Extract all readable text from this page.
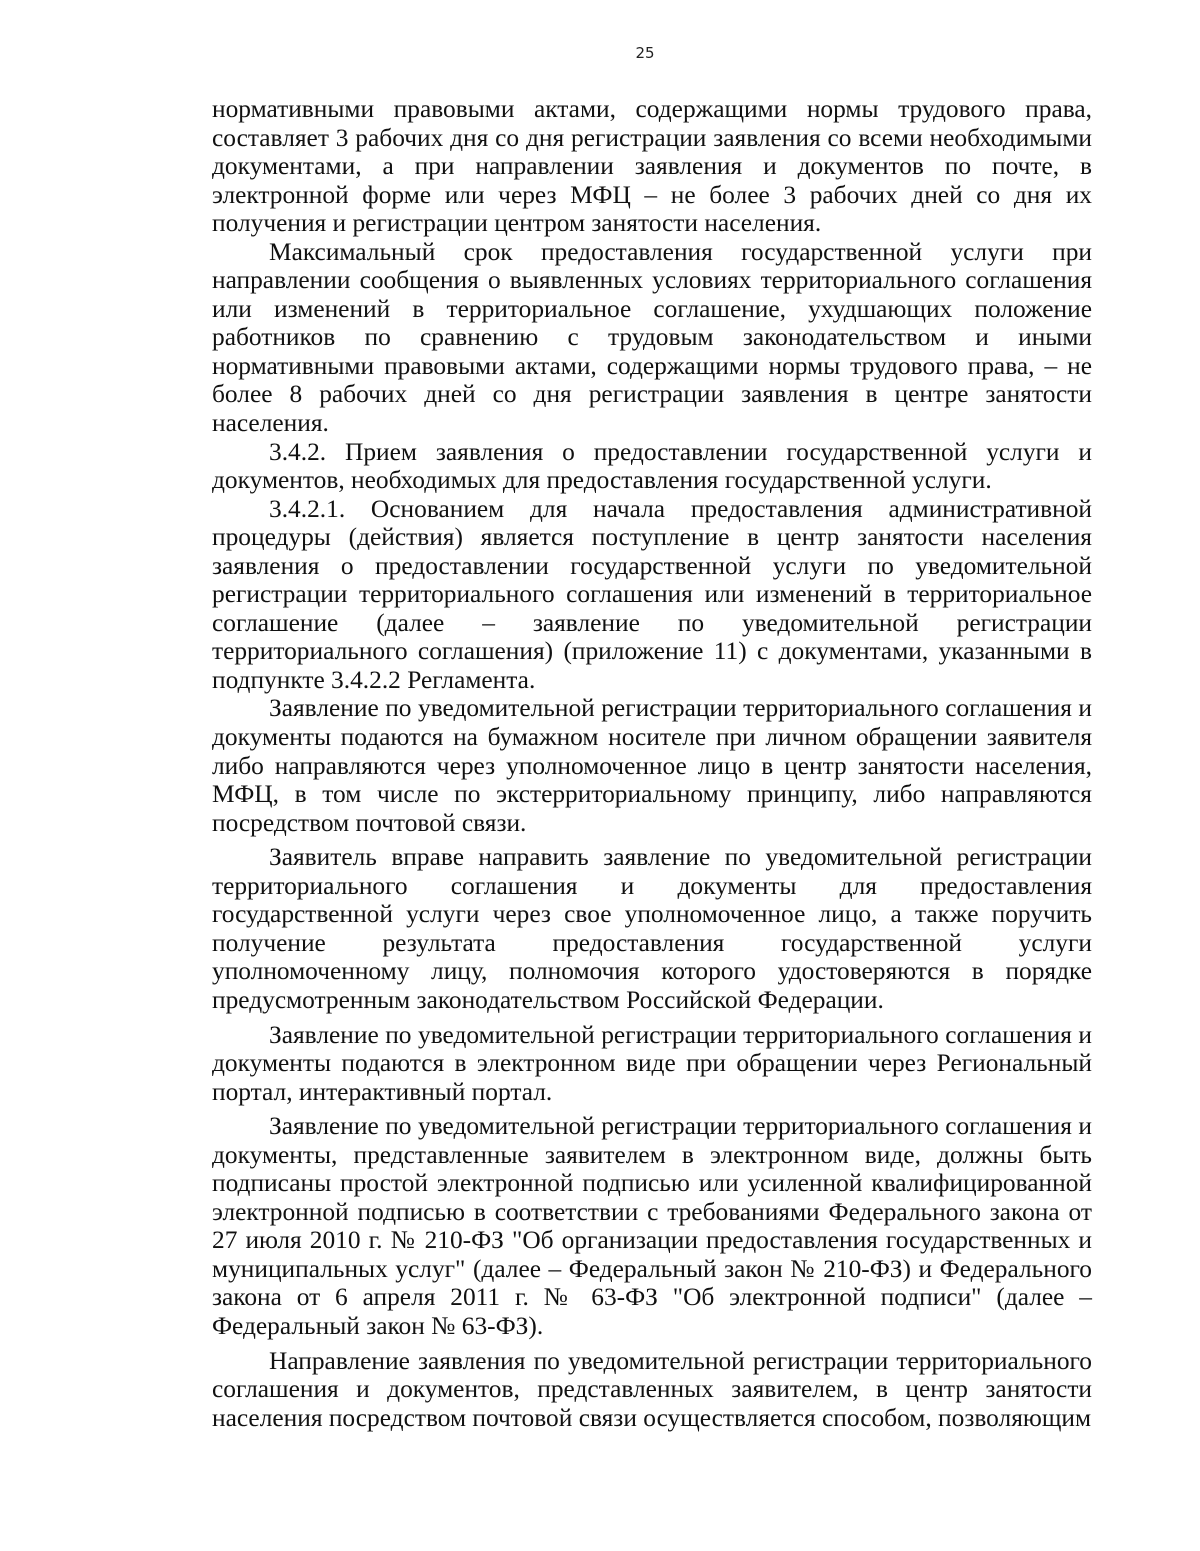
25

нормативными правовыми актами, содержащими нормы трудового права, составляет 3 рабочих дня со дня регистрации заявления со всеми необходимыми документами, а при направлении заявления и документов по почте, в электронной форме или через МФЦ – не более 3 рабочих дней со дня их получения и регистрации центром занятости населения.

Максимальный срок предоставления государственной услуги при направлении сообщения о выявленных условиях территориального соглашения или изменений в территориальное соглашение, ухудшающих положение работников по сравнению с трудовым законодательством и иными нормативными правовыми актами, содержащими нормы трудового права, – не более 8 рабочих дней со дня регистрации заявления в центре занятости населения.

3.4.2. Прием заявления о предоставлении государственной услуги и документов, необходимых для предоставления государственной услуги.

3.4.2.1. Основанием для начала предоставления административной процедуры (действия) является поступление в центр занятости населения заявления о предоставлении государственной услуги по уведомительной регистрации территориального соглашения или изменений в территориальное соглашение (далее – заявление по уведомительной регистрации территориального соглашения) (приложение 11) с документами, указанными в подпункте 3.4.2.2 Регламента.

Заявление по уведомительной регистрации территориального соглашения и документы подаются на бумажном носителе при личном обращении заявителя либо направляются через уполномоченное лицо в центр занятости населения, МФЦ, в том числе по экстерриториальному принципу, либо направляются посредством почтовой связи.

Заявитель вправе направить заявление по уведомительной регистрации территориального соглашения и документы для предоставления государственной услуги через свое уполномоченное лицо, а также поручить получение результата предоставления государственной услуги уполномоченному лицу, полномочия которого удостоверяются в порядке предусмотренным законодательством Российской Федерации.

Заявление по уведомительной регистрации территориального соглашения и документы подаются в электронном виде при обращении через Региональный портал, интерактивный портал.

Заявление по уведомительной регистрации территориального соглашения и документы, представленные заявителем в электронном виде, должны быть подписаны простой электронной подписью или усиленной квалифицированной электронной подписью в соответствии с требованиями Федерального закона от 27 июля 2010 г. № 210-ФЗ "Об организации предоставления государственных и муниципальных услуг" (далее – Федеральный закон № 210-ФЗ) и Федерального закона от 6 апреля 2011 г. № 63-ФЗ "Об электронной подписи" (далее – Федеральный закон № 63-ФЗ).

Направление заявления по уведомительной регистрации территориального соглашения и документов, представленных заявителем, в центр занятости населения посредством почтовой связи осуществляется способом, позволяющим
